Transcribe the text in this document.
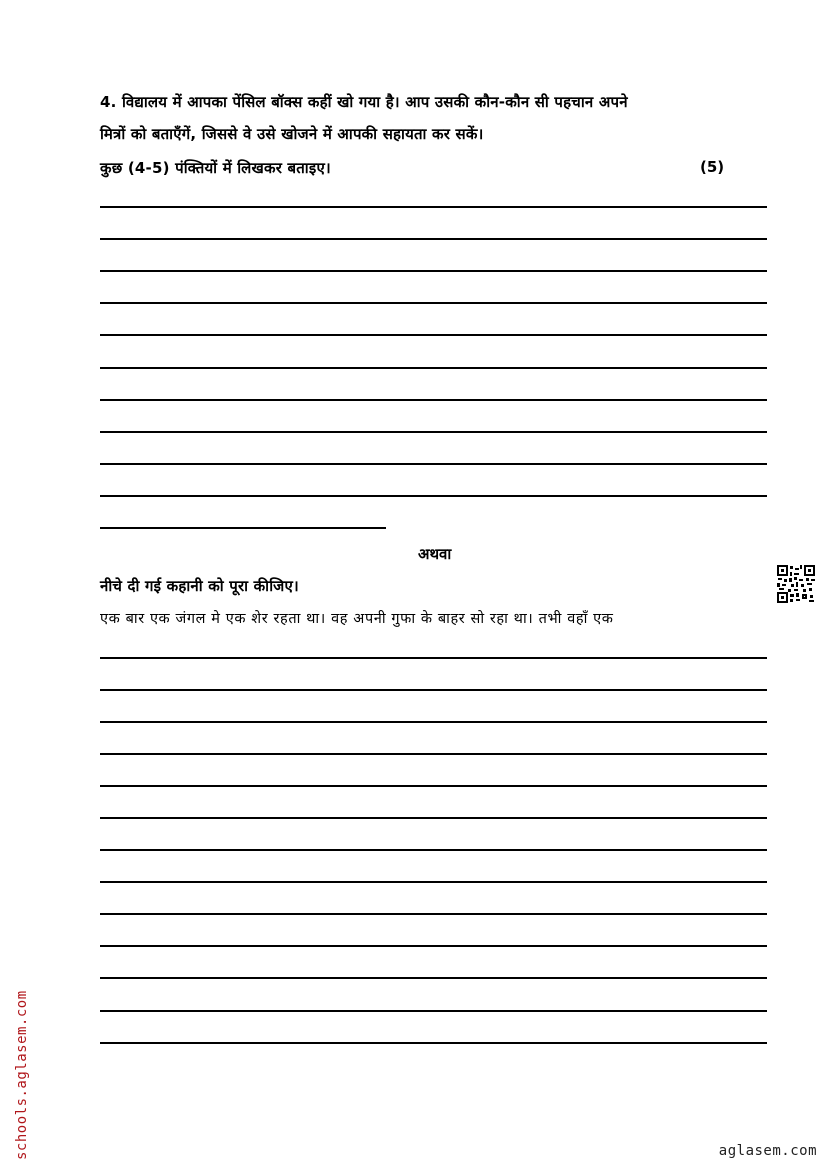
4. विद्यालय में आपका पेंसिल बॉक्स कहीं खो गया है। आप उसकी कौन-कौन सी पहचान अपने
मित्रों को बताएँगें, जिससे वे उसे खोजने में आपकी सहायता कर सकें।
कुछ (4-5) पंक्तियों में लिखकर बताइए।	(5)
अथवा
नीचे दी गई कहानी को पूरा कीजिए।
एक बार एक जंगल मे एक शेर रहता था। वह अपनी गुफा के बाहर सो रहा था। तभी वहाँ एक
schools.aglasem.com	aglasem.com
